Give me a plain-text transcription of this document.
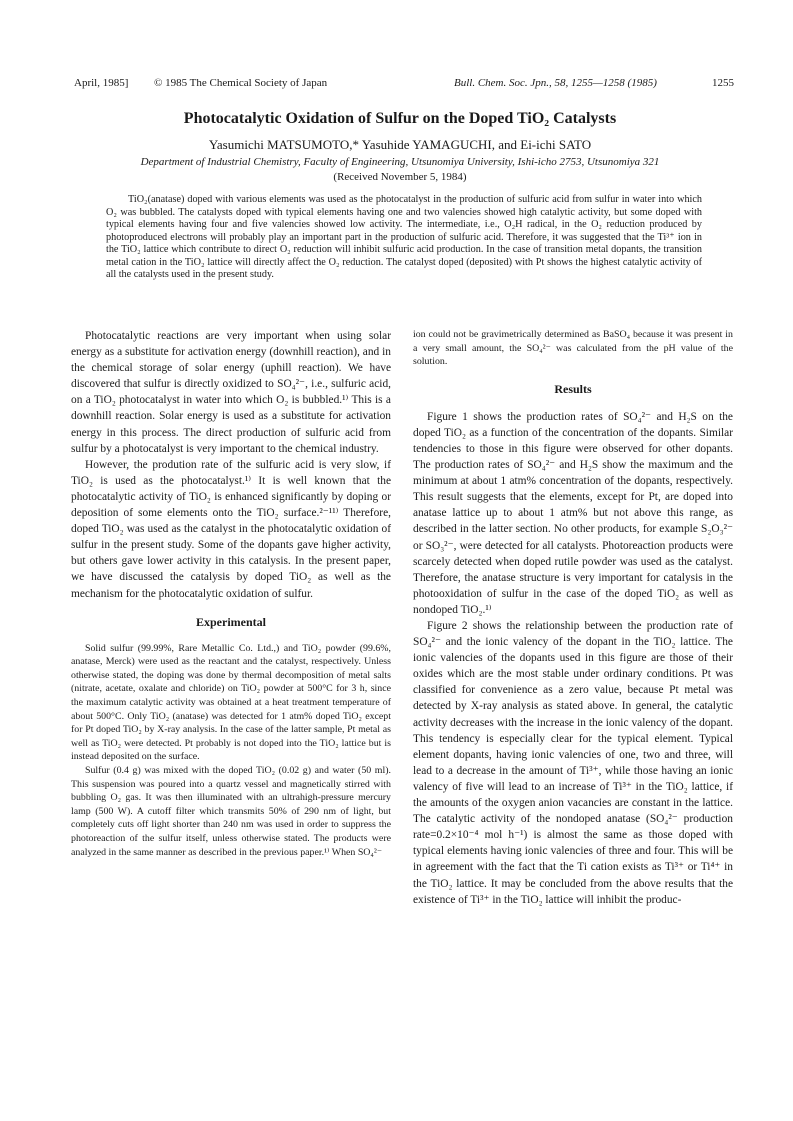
April, 1985] © 1985 The Chemical Society of Japan	Bull. Chem. Soc. Jpn., 58, 1255—1258 (1985)	1255
Photocatalytic Oxidation of Sulfur on the Doped TiO₂ Catalysts
Yasumichi MATSUMOTO,* Yasuhide YAMAGUCHI, and Ei-ichi SATO
Department of Industrial Chemistry, Faculty of Engineering, Utsunomiya University, Ishi-icho 2753, Utsunomiya 321
(Received November 5, 1984)

TiO₂(anatase) doped with various elements was used as the photocatalyst in the production of sulfuric acid from sulfur in water into which O₂ was bubbled. The catalysts doped with typical elements having one and two valencies showed high catalytic activity, but some doped with typical elements having four and five valencies showed low activity. The intermediate, i.e., O₂H radical, in the O₂ reduction produced by photoproduced electrons will probably play an important part in the production of sulfuric acid. Therefore, it was suggested that the Ti³⁺ ion in the TiO₂ lattice which contribute to direct O₂ reduction will inhibit sulfuric acid production. In the case of transition metal dopants, the transition metal cation in the TiO₂ lattice will directly affect the O₂ reduction. The catalyst doped (deposited) with Pt shows the highest catalytic activity of all the catalysts used in the present study.

Photocatalytic reactions are very important when using solar energy as a substitute for activation energy (downhill reaction), and in the chemical storage of solar energy (uphill reaction). We have discovered that sulfur is directly oxidized to SO₄²⁻, i.e., sulfuric acid, on a TiO₂ photocatalyst in water into which O₂ is bubbled.¹⁾ This is a downhill reaction. Solar energy is used as a substitute for activation energy in this process. The direct production of sulfuric acid from sulfur by a photocatalyst is very important to the chemical industry.

However, the prodution rate of the sulfuric acid is very slow, if TiO₂ is used as the photocatalyst.¹⁾ It is well known that the photocatalytic activity of TiO₂ is enhanced significantly by doping or deposition of some elements onto the TiO₂ surface.²⁻¹¹⁾ Therefore, doped TiO₂ was used as the catalyst in the photocatalytic oxidation of sulfur in the present study. Some of the dopants gave higher activity, but others gave lower activity in this catalysis. In the present paper, we have discussed the catalysis by doped TiO₂ as well as the mechanism for the photocatalytic oxidation of sulfur.

Experimental

Solid sulfur (99.99%, Rare Metallic Co. Ltd.,) and TiO₂ powder (99.6%, anatase, Merck) were used as the reactant and the catalyst, respectively. Unless otherwise stated, the doping was done by thermal decomposition of metal salts (nitrate, acetate, oxalate and chloride) on TiO₂ powder at 500°C for 3 h, since the maximum catalytic activity was obtained at a heat treatment temperature of about 500°C. Only TiO₂ (anatase) was detected for 1 atm% doped TiO₂ except for Pt doped TiO₂ by X-ray analysis. In the case of the latter sample, Pt metal as well as TiO₂ were detected. Pt probably is not doped into the TiO₂ lattice but is instead deposited on the surface.

Sulfur (0.4 g) was mixed with the doped TiO₂ (0.02 g) and water (50 ml). This suspension was poured into a quartz vessel and magnetically stirred with bubbling O₂ gas. It was then illuminated with an ultrahigh-pressure mercury lamp (500 W). A cutoff filter which transmits 50% of 290 nm of light, but completely cuts off light shorter than 240 nm was used in order to suppress the photoreaction of the sulfur itself, unless otherwise stated. The products were analyzed in the same manner as described in the previous paper.¹⁾ When SO₄²⁻

ion could not be gravimetrically determined as BaSO₄ because it was present in a very small amount, the SO₄²⁻ was calculated from the pH value of the solution.

Results

Figure 1 shows the production rates of SO₄²⁻ and H₂S on the doped TiO₂ as a function of the concentration of the dopants. Similar tendencies to those in this figure were observed for other dopants. The production rates of SO₄²⁻ and H₂S show the maximum and the minimum at about 1 atm% concentration of the dopants, respectively. This result suggests that the elements, except for Pt, are doped into anatase lattice up to about 1 atm% but not above this range, as described in the latter section. No other products, for example S₂O₃²⁻ or SO₃²⁻, were detected for all catalysts. Photoreaction products were scarcely detected when doped rutile powder was used as the catalyst. Therefore, the anatase structure is very important for catalysis in the photooxidation of sulfur in the case of the doped TiO₂ as well as nondoped TiO₂.¹⁾

Figure 2 shows the relationship between the production rate of SO₄²⁻ and the ionic valency of the dopant in the TiO₂ lattice. The ionic valencies of the dopants used in this figure are those of their oxides which are the most stable under ordinary conditions. Pt was classified for convenience as a zero value, because Pt metal was detected by X-ray analysis as stated above. In general, the catalytic activity decreases with the increase in the ionic valency of the dopant. This tendency is especially clear for the typical element. Typical element dopants, having ionic valencies of one, two and three, will lead to a decrease in the amount of Ti³⁺, while those having an ionic valency of five will lead to an increase of Ti³⁺ in the TiO₂ lattice, if the amounts of the oxygen anion vacancies are constant in the lattice. The catalytic activity of the nondoped anatase (SO₄²⁻ production rate=0.2×10⁻⁴ mol h⁻¹) is almost the same as those doped with typical elements having ionic valencies of three and four. This will be in agreement with the fact that the Ti cation exists as Ti³⁺ or Ti⁴⁺ in the TiO₂ lattice. It may be concluded from the above results that the existence of Ti³⁺ in the TiO₂ lattice will inhibit the produc-
